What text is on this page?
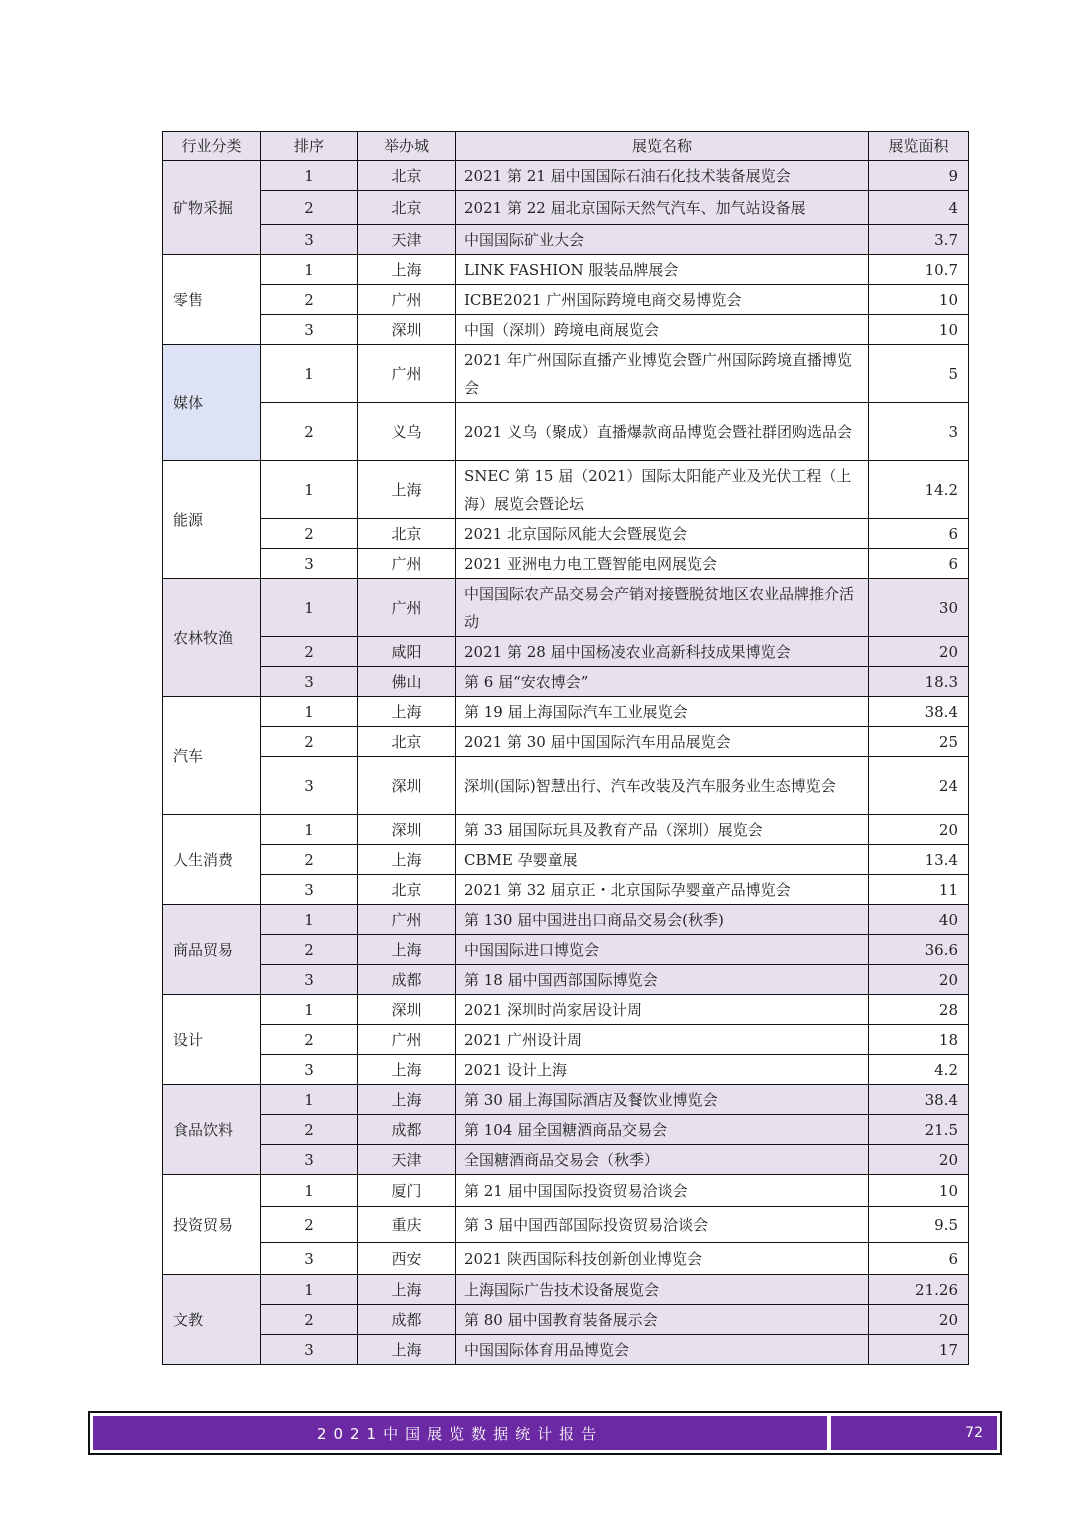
行业分类	排序	举办城	展览名称	展览面积
矿物采掘	1	北京	2021 第 21 届中国国际石油石化技术装备展览会	9
	2	北京	2021 第 22 届北京国际天然气汽车、加气站设备展	4
	3	天津	中国国际矿业大会	3.7
零售	1	上海	LINK FASHION 服装品牌展会	10.7
	2	广州	ICBE2021 广州国际跨境电商交易博览会	10
	3	深圳	中国（深圳）跨境电商展览会	10
媒体	1	广州	2021 年广州国际直播产业博览会暨广州国际跨境直播博览会	5
	2	义乌	2021 义乌（聚成）直播爆款商品博览会暨社群团购选品会	3
能源	1	上海	SNEC 第 15 届（2021）国际太阳能产业及光伏工程（上海）展览会暨论坛	14.2
	2	北京	2021 北京国际风能大会暨展览会	6
	3	广州	2021 亚洲电力电工暨智能电网展览会	6
农林牧渔	1	广州	中国国际农产品交易会产销对接暨脱贫地区农业品牌推介活动	30
	2	咸阳	2021 第 28 届中国杨凌农业高新科技成果博览会	20
	3	佛山	第 6 届“安农博会”	18.3
汽车	1	上海	第 19 届上海国际汽车工业展览会	38.4
	2	北京	2021 第 30 届中国国际汽车用品展览会	25
	3	深圳	深圳(国际)智慧出行、汽车改装及汽车服务业生态博览会	24
人生消费	1	深圳	第 33 届国际玩具及教育产品（深圳）展览会	20
	2	上海	CBME 孕婴童展	13.4
	3	北京	2021 第 32 届京正・北京国际孕婴童产品博览会	11
商品贸易	1	广州	第 130 届中国进出口商品交易会(秋季)	40
	2	上海	中国国际进口博览会	36.6
	3	成都	第 18 届中国西部国际博览会	20
设计	1	深圳	2021 深圳时尚家居设计周	28
	2	广州	2021 广州设计周	18
	3	上海	2021 设计上海	4.2
食品饮料	1	上海	第 30 届上海国际酒店及餐饮业博览会	38.4
	2	成都	第 104 届全国糖酒商品交易会	21.5
	3	天津	全国糖酒商品交易会（秋季）	20
投资贸易	1	厦门	第 21 届中国国际投资贸易洽谈会	10
	2	重庆	第 3 届中国西部国际投资贸易洽谈会	9.5
	3	西安	2021 陕西国际科技创新创业博览会	6
文教	1	上海	上海国际广告技术设备展览会	21.26
	2	成都	第 80 届中国教育装备展示会	20
	3	上海	中国国际体育用品博览会	17
2021中国展览数据统计报告	72
